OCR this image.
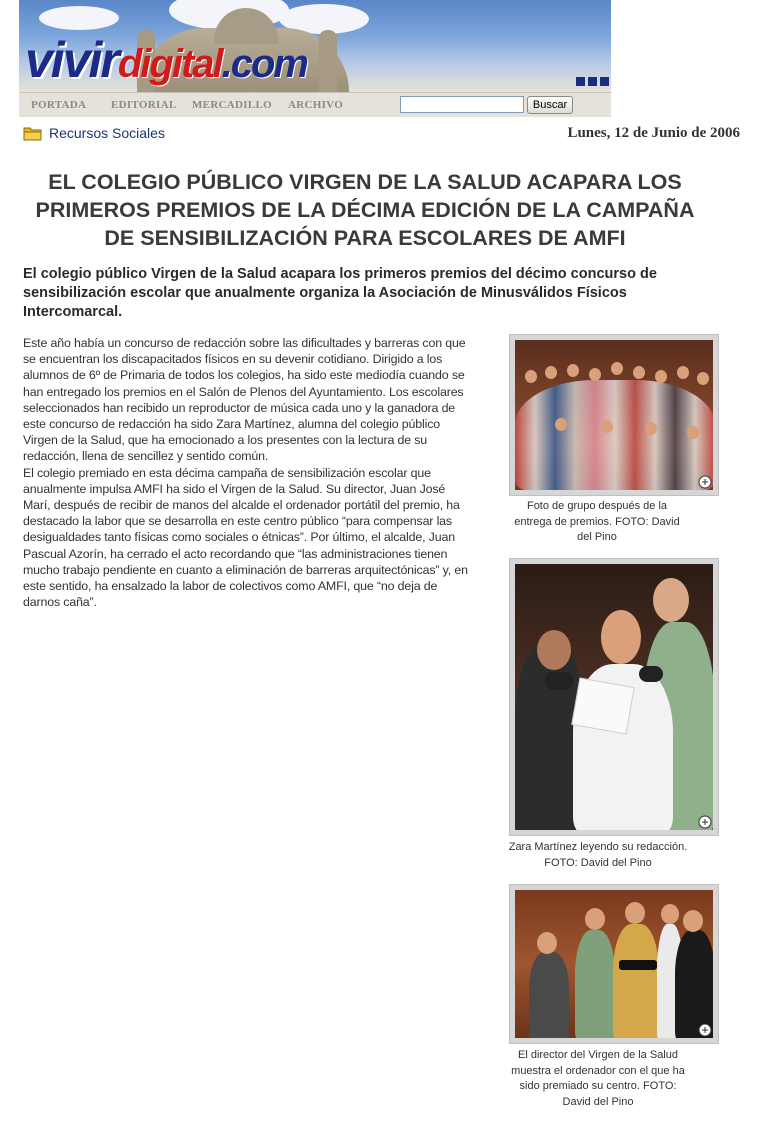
vivirdigital.com
PORTADA EDITORIAL MERCADILLO ARCHIVO	Buscar
Recursos Sociales	Lunes, 12 de Junio de 2006
EL COLEGIO PÚBLICO VIRGEN DE LA SALUD ACAPARA LOS PRIMEROS PREMIOS DE LA DÉCIMA EDICIÓN DE LA CAMPAÑA DE SENSIBILIZACIÓN PARA ESCOLARES DE AMFI

El colegio público Virgen de la Salud acapara los primeros premios del décimo concurso de sensibilización escolar que anualmente organiza la Asociación de Minusválidos Físicos Intercomarcal.

Este año había un concurso de redacción sobre las dificultades y barreras con que se encuentran los discapacitados físicos en su devenir cotidiano. Dirigido a los alumnos de 6º de Primaria de todos los colegios, ha sido este mediodía cuando se han entregado los premios en el Salón de Plenos del Ayuntamiento. Los escolares seleccionados han recibido un reproductor de música cada uno y la ganadora de este concurso de redacción ha sido Zara Martínez, alumna del colegio público Virgen de la Salud, que ha emocionado a los presentes con la lectura de su redacción, llena de sencillez y sentido común.

El colegio premiado en esta décima campaña de sensibilización escolar que anualmente impulsa AMFI ha sido el Virgen de la Salud. Su director, Juan José Marí, después de recibir de manos del alcalde el ordenador portátil del premio, ha destacado la labor que se desarrolla en este centro público “para compensar las desigualdades tanto físicas como sociales o étnicas”. Por último, el alcalde, Juan Pascual Azorín, ha cerrado el acto recordando que “las administraciones tienen mucho trabajo pendiente en cuanto a eliminación de barreras arquitectónicas” y, en este sentido, ha ensalzado la labor de colectivos como AMFI, que “no deja de darnos caña”.

Foto de grupo después de la entrega de premios. FOTO: David del Pino
Zara Martínez leyendo su redacción. FOTO: David del Pino
El director del Virgen de la Salud muestra el ordenador con el que ha sido premiado su centro. FOTO: David del Pino
